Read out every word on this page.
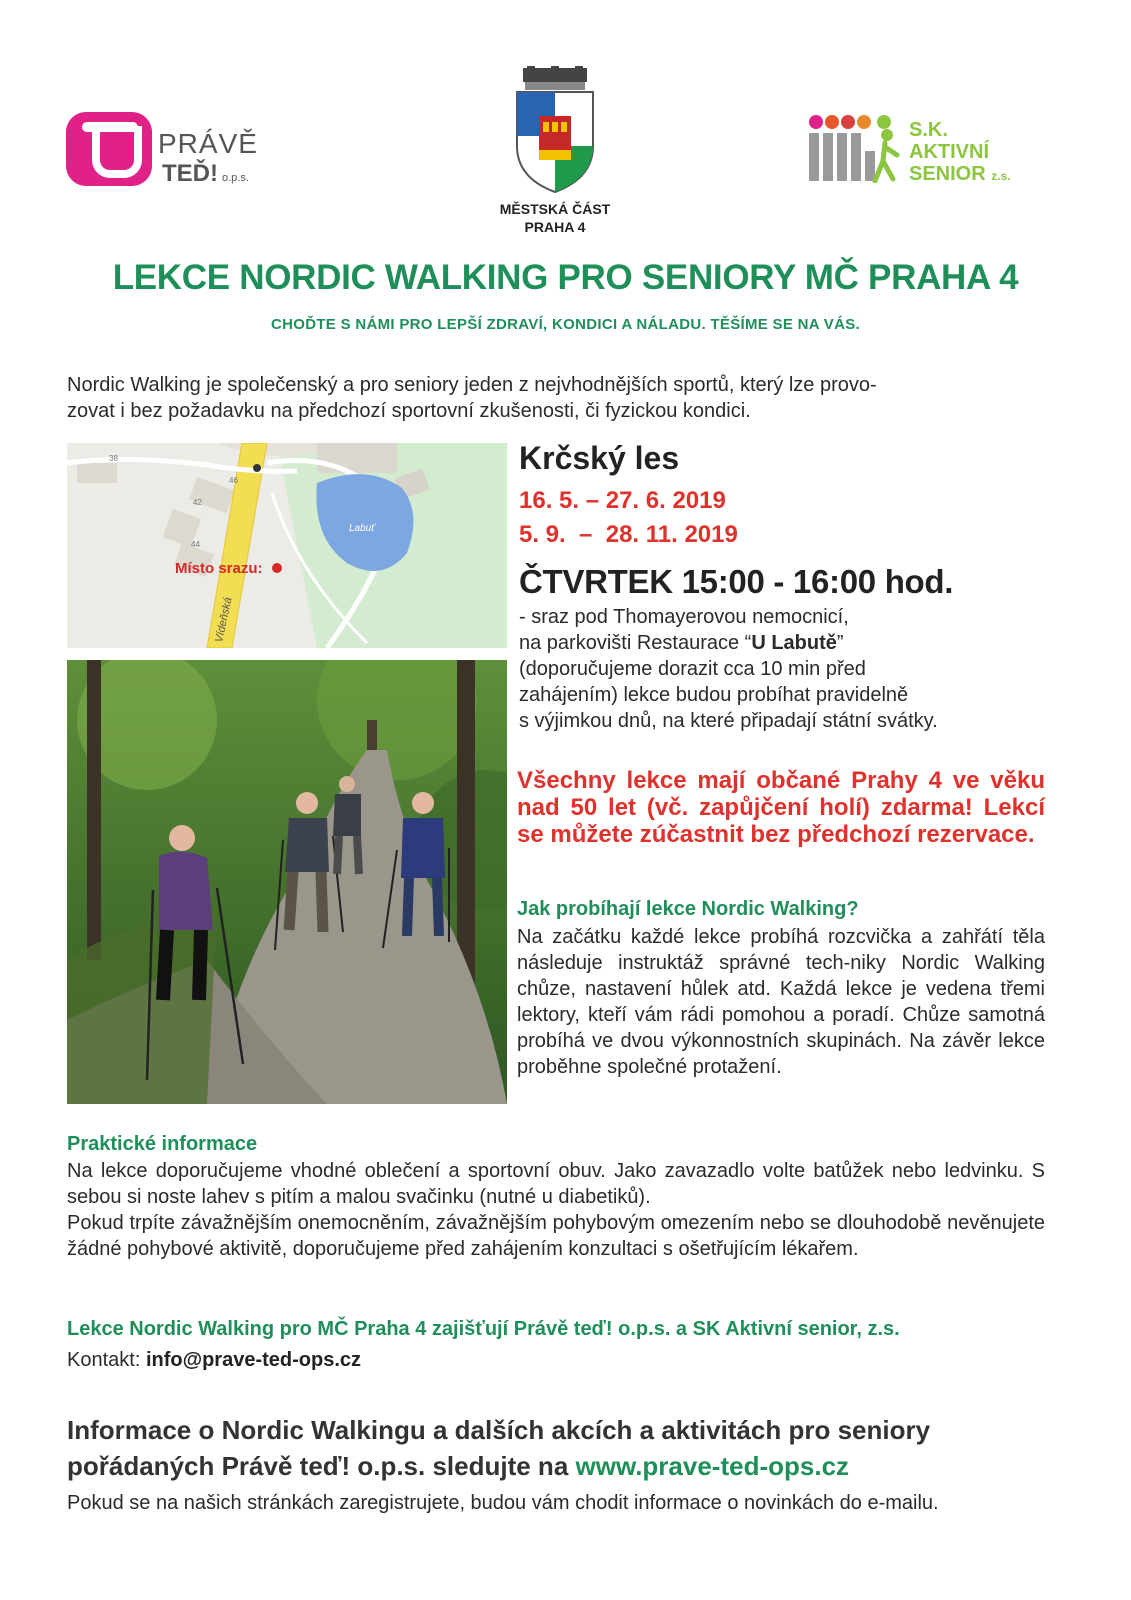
PRÁVĚ
TEĎ! o.p.s.
MĚSTSKÁ ČÁST
PRAHA 4
S.K.
AKTIVNÍ
SENIOR z.s.
LEKCE NORDIC WALKING PRO SENIORY MČ PRAHA 4
CHOĎTE S NÁMI PRO LEPŠÍ ZDRAVÍ, KONDICI A NÁLADU. TĚŠÍME SE NA VÁS.
Nordic Walking je společenský a pro seniory jeden z nejvhodnějších sportů, který lze provo-
zovat i bez požadavku na předchozí sportovní zkušenosti, či fyzickou kondici.
Labuť
Místo srazu:
Vídeňská
38
46
42
44
Krčský les
16. 5. – 27. 6. 2019
5. 9.  –  28. 11. 2019
ČTVRTEK 15:00 - 16:00 hod.
- sraz pod Thomayerovou nemocnicí,
na parkovišti Restaurace “U Labutě”
(doporučujeme dorazit cca 10 min před
zahájením) lekce budou probíhat pravidelně
s výjimkou dnů, na které připadají státní svátky.
Všechny lekce mají občané Prahy 4 ve věku nad 50 let (vč. zapůjčení holí) zdarma! Lekcí se můžete zúčastnit bez předchozí rezervace.
Jak probíhají lekce Nordic Walking?
Na začátku každé lekce probíhá rozcvička a zahřátí těla následuje instruktáž správné tech-niky Nordic Walking chůze, nastavení hůlek atd. Každá lekce je vedena třemi lektory, kteří vám rádi pomohou a poradí. Chůze samotná probíhá ve dvou výkonnostních skupinách. Na závěr lekce proběhne společné protažení.
Praktické informace
Na lekce doporučujeme vhodné oblečení a sportovní obuv. Jako zavazadlo volte batůžek nebo ledvinku. S sebou si noste lahev s pitím a malou svačinku (nutné u diabetiků).
Pokud trpíte závažnějším onemocněním, závažnějším pohybovým omezením nebo se dlouhodobě nevěnujete žádné pohybové aktivitě, doporučujeme před zahájením konzultaci s ošetřujícím lékařem.
Lekce Nordic Walking pro MČ Praha 4 zajišťují Právě teď! o.p.s. a SK Aktivní senior, z.s.
Kontakt: info@prave-ted-ops.cz
Informace o Nordic Walkingu a dalších akcích a aktivitách pro seniory
pořádaných Právě teď! o.p.s. sledujte na www.prave-ted-ops.cz
Pokud se na našich stránkách zaregistrujete, budou vám chodit informace o novinkách do e-mailu.
